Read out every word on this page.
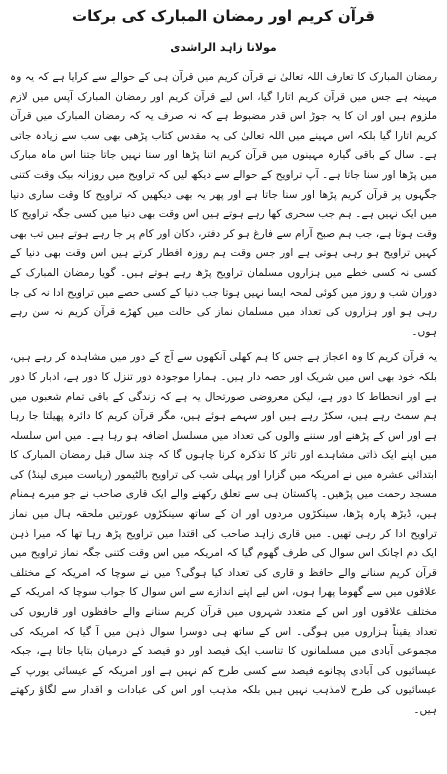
قرآن کریم اور رمضان المبارک کی برکات
مولانا زاہد الراشدی

رمضان المبارک کا تعارف اللہ تعالیٰ نے قرآن کریم میں قرآن ہی کے حوالے سے کرایا ہے کہ یہ وہ مہینہ ہے جس میں قرآن کریم اتارا گیا، اس لیے قرآن کریم اور رمضان المبارک آپس میں لازم ملزوم ہیں اور ان کا یہ جوڑ اس قدر مضبوط ہے کہ نہ صرف یہ کہ رمضان المبارک میں قرآن کریم اتارا گیا بلکہ اس مہینے میں اللہ تعالیٰ کی یہ مقدس کتاب پڑھی بھی سب سے زیادہ جاتی ہے۔ سال کے باقی گیارہ مہینوں میں قرآن کریم اتنا پڑھا اور سنا نہیں جاتا جتنا اس ماہ مبارک میں پڑھا اور سنا جاتا ہے۔ آپ تراویح کے حوالے سے دیکھ لیں کہ تراویح میں روزانہ بیک وقت کتنی جگہوں پر قرآن کریم پڑھا اور سنا جاتا ہے اور پھر یہ بھی دیکھیں کہ تراویح کا وقت ساری دنیا میں ایک نہیں ہے۔ ہم جب سحری کھا رہے ہوتے ہیں اس وقت بھی دنیا میں کسی جگہ تراویح کا وقت ہوتا ہے، جب ہم صبح آرام سے فارغ ہو کر دفتر، دکان اور کام پر جا رہے ہوتے ہیں تب بھی کہیں تراویح ہو رہی ہوتی ہے اور جس وقت ہم روزہ افطار کرتے ہیں اس وقت بھی دنیا کے کسی نہ کسی خطے میں ہزاروں مسلمان تراویح پڑھ رہے ہوتے ہیں۔ گویا رمضان المبارک کے دوران شب و روز میں کوئی لمحہ ایسا نہیں ہوتا جب دنیا کے کسی حصے میں تراویح ادا نہ کی جا رہی ہو اور ہزاروں کی تعداد میں مسلمان نماز کی حالت میں کھڑے قرآن کریم نہ سن رہے ہوں۔

یہ قرآن کریم کا وہ اعجاز ہے جس کا ہم کھلی آنکھوں سے آج کے دور میں مشاہدہ کر رہے ہیں، بلکہ خود بھی اس میں شریک اور حصہ دار ہیں۔ ہمارا موجودہ دور تنزل کا دور ہے، ادبار کا دور ہے اور انحطاط کا دور ہے، لیکن معروضی صورتحال یہ ہے کہ زندگی کے باقی تمام شعبوں میں ہم سمٹ رہے ہیں، سکڑ رہے ہیں اور سہمے ہوئے ہیں، مگر قرآن کریم کا دائرہ پھیلتا جا رہا ہے اور اس کے پڑھنے اور سننے والوں کی تعداد میں مسلسل اضافہ ہو رہا ہے۔ میں اس سلسلہ میں اپنے ایک ذاتی مشاہدے اور تاثر کا تذکرہ کرنا چاہوں گا کہ چند سال قبل رمضان المبارک کا ابتدائی عشرہ میں نے امریکہ میں گزارا اور پہلی شب کی تراویح بالٹیمور (ریاست میری لینڈ) کی مسجد رحمت میں پڑھیں۔ پاکستان ہی سے تعلق رکھنے والے ایک قاری صاحب نے جو میرے ہمنام ہیں، ڈیڑھ پارہ پڑھا، سینکڑوں مردوں اور ان کے ساتھ سینکڑوں عورتیں ملحقہ ہال میں نماز تراویح ادا کر رہی تھیں۔ میں قاری زاہد صاحب کی اقتدا میں تراویح پڑھ رہا تھا کہ میرا ذہن ایک دم اچانک اس سوال کی طرف گھوم گیا کہ امریکہ میں اس وقت کتنی جگہ نماز تراویح میں قرآن کریم سنانے والے حافظ و قاری کی تعداد کیا ہوگی؟ میں نے سوچا کہ امریکہ کے مختلف علاقوں میں سے گھوما پھرا ہوں، اس لیے اپنے اندازے سے اس سوال کا جواب سوچا کہ امریکہ کے مختلف علاقوں اور اس کے متعدد شہروں میں قرآن کریم سنانے والے حافظوں اور قاریوں کی تعداد یقیناً ہزاروں میں ہوگی۔ اس کے ساتھ ہی دوسرا سوال ذہن میں آ گیا کہ امریکہ کی مجموعی آبادی میں مسلمانوں کا تناسب ایک فیصد اور دو فیصد کے درمیان بتایا جاتا ہے، جبکہ عیسائیوں کی آبادی پچانوے فیصد سے کسی طرح کم نہیں ہے اور امریکہ کے عیسائی یورپ کے عیسائیوں کی طرح لامذہب نہیں ہیں بلکہ مذہب اور اس کی عبادات و اقدار سے لگاؤ رکھتے ہیں۔
